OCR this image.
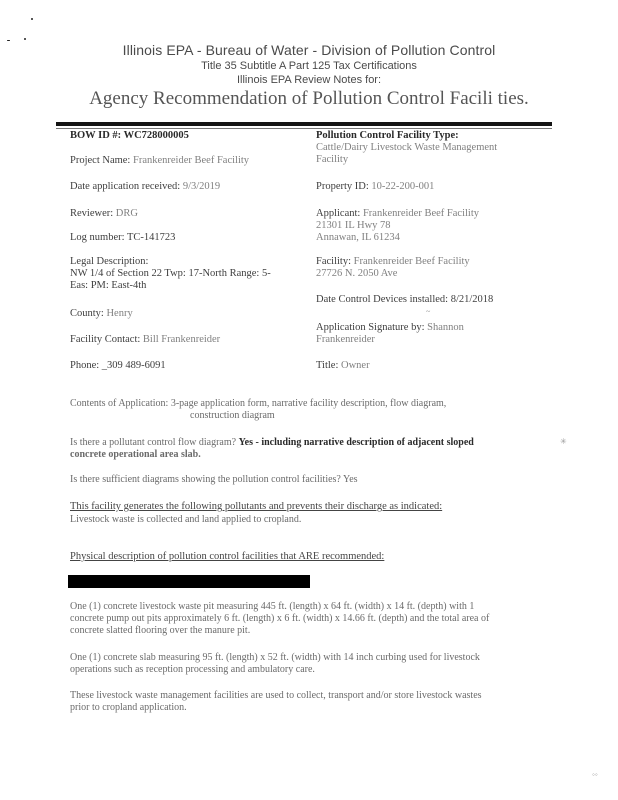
Illinois EPA - Bureau of Water - Division of Pollution Control
Title 35 Subtitle A Part 125 Tax Certifications
Illinois EPA Review Notes for:
Agency Recommendation of Pollution Control Facili ties.
BOW ID #: WC728000005
Project Name: Frankenreider Beef Facility
Date application received: 9/3/2019
Reviewer: DRG
Log number: TC-141723
Legal Description:
NW 1/4 of Section 22 Twp: 17-North Range: 5-
Eas: PM: East-4th
County: Henry
Facility Contact: Bill Frankenreider
Phone: _309 489-6091
Pollution Control Facility Type:
Cattle/Dairy Livestock Waste Management
Facility
Property ID: 10-22-200-001
Applicant: Frankenreider Beef Facility
21301 IL Hwy 78
Annawan, IL 61234
Facility: Frankenreider Beef Facility
27726 N. 2050 Ave
Date Control Devices installed: 8/21/2018
~
Application Signature by: Shannon
Frankenreider
Title: Owner
Contents of Application: 3-page application form, narrative facility description, flow diagram,
construction diagram
Is there a pollutant control flow diagram? Yes - including narrative description of adjacent sloped
concrete operational area slab.
✳
Is there sufficient diagrams showing the pollution control facilities? Yes
This facility generates the following pollutants and prevents their discharge as indicated:
Livestock waste is collected and land applied to cropland.
Physical description of pollution control facilities that ARE recommended:
One (1) concrete livestock waste pit measuring 445 ft. (length) x 64 ft. (width) x 14 ft. (depth) with 1
concrete pump out pits approximately 6 ft. (length) x 6 ft. (width) x 14.66 ft. (depth) and the total area of
concrete slatted flooring over the manure pit.
One (1) concrete slab measuring 95 ft. (length) x 52 ft. (width) with 14 inch curbing used for livestock
operations such as reception processing and ambulatory care.
These livestock waste management facilities are used to collect, transport and/or store livestock wastes
prior to cropland application.
◦◦
